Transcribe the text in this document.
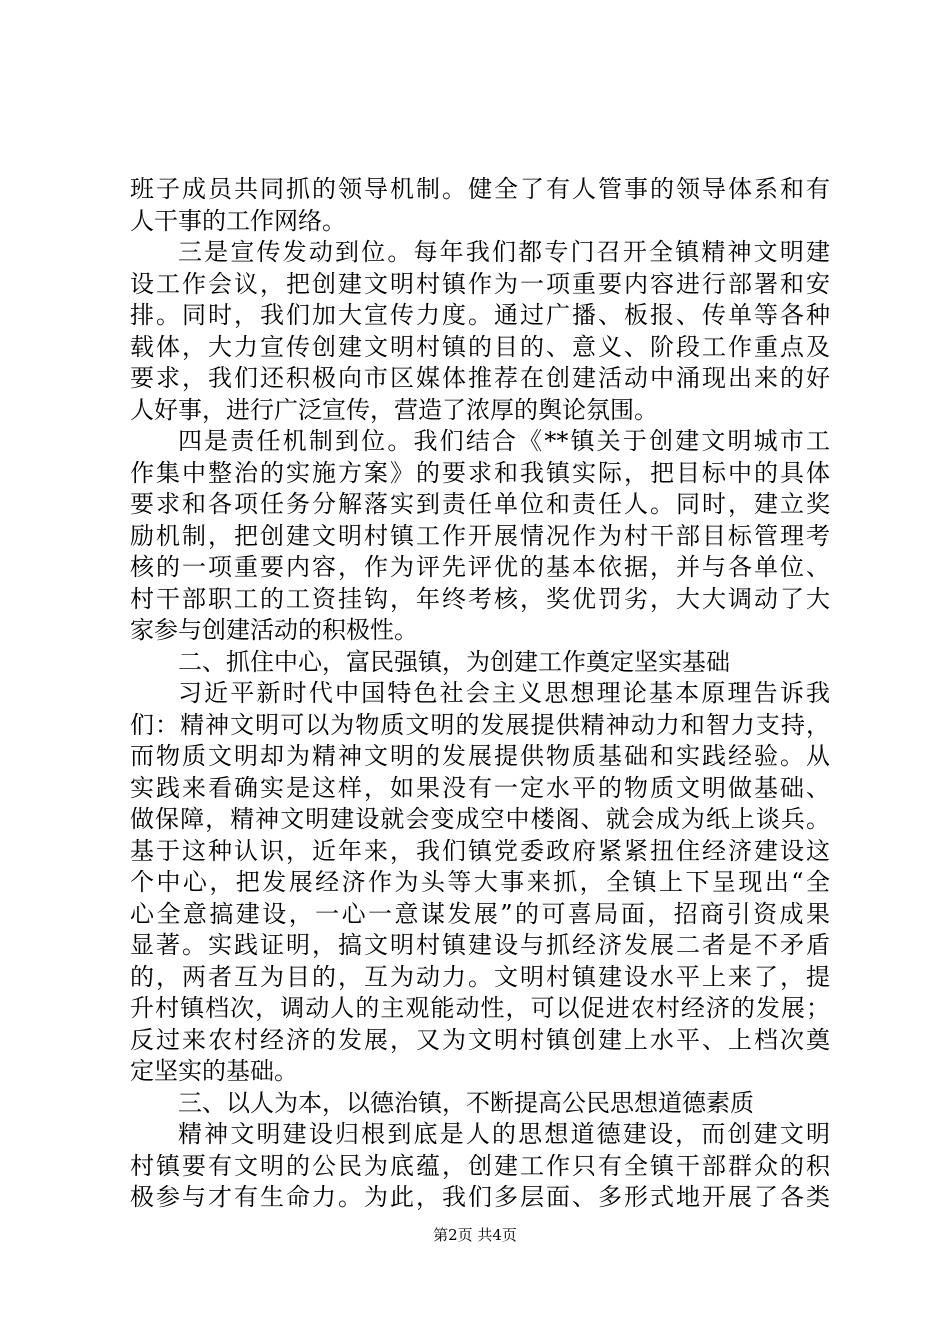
班子成员共同抓的领导机制。健全了有人管事的领导体系和有
人干事的工作网络。
三是宣传发动到位。每年我们都专门召开全镇精神文明建
设工作会议，把创建文明村镇作为一项重要内容进行部署和安
排。同时，我们加大宣传力度。通过广播、板报、传单等各种
载体，大力宣传创建文明村镇的目的、意义、阶段工作重点及
要求，我们还积极向市区媒体推荐在创建活动中涌现出来的好
人好事，进行广泛宣传，营造了浓厚的舆论氛围。
四是责任机制到位。我们结合《**镇关于创建文明城市工
作集中整治的实施方案》的要求和我镇实际，把目标中的具体
要求和各项任务分解落实到责任单位和责任人。同时，建立奖
励机制，把创建文明村镇工作开展情况作为村干部目标管理考
核的一项重要内容，作为评先评优的基本依据，并与各单位、
村干部职工的工资挂钩，年终考核，奖优罚劣，大大调动了大
家参与创建活动的积极性。
二、抓住中心，富民强镇，为创建工作奠定坚实基础
习近平新时代中国特色社会主义思想理论基本原理告诉我
们：精神文明可以为物质文明的发展提供精神动力和智力支持，
而物质文明却为精神文明的发展提供物质基础和实践经验。从
实践来看确实是这样，如果没有一定水平的物质文明做基础、
做保障，精神文明建设就会变成空中楼阁、就会成为纸上谈兵。
基于这种认识，近年来，我们镇党委政府紧紧扭住经济建设这
个中心，把发展经济作为头等大事来抓，全镇上下呈现出“全
心全意搞建设，一心一意谋发展”的可喜局面，招商引资成果
显著。实践证明，搞文明村镇建设与抓经济发展二者是不矛盾
的，两者互为目的，互为动力。文明村镇建设水平上来了，提
升村镇档次，调动人的主观能动性，可以促进农村经济的发展；
反过来农村经济的发展，又为文明村镇创建上水平、上档次奠
定坚实的基础。
三、以人为本，以德治镇，不断提高公民思想道德素质
精神文明建设归根到底是人的思想道德建设，而创建文明
村镇要有文明的公民为底蕴，创建工作只有全镇干部群众的积
极参与才有生命力。为此，我们多层面、多形式地开展了各类
第2页 共4页
